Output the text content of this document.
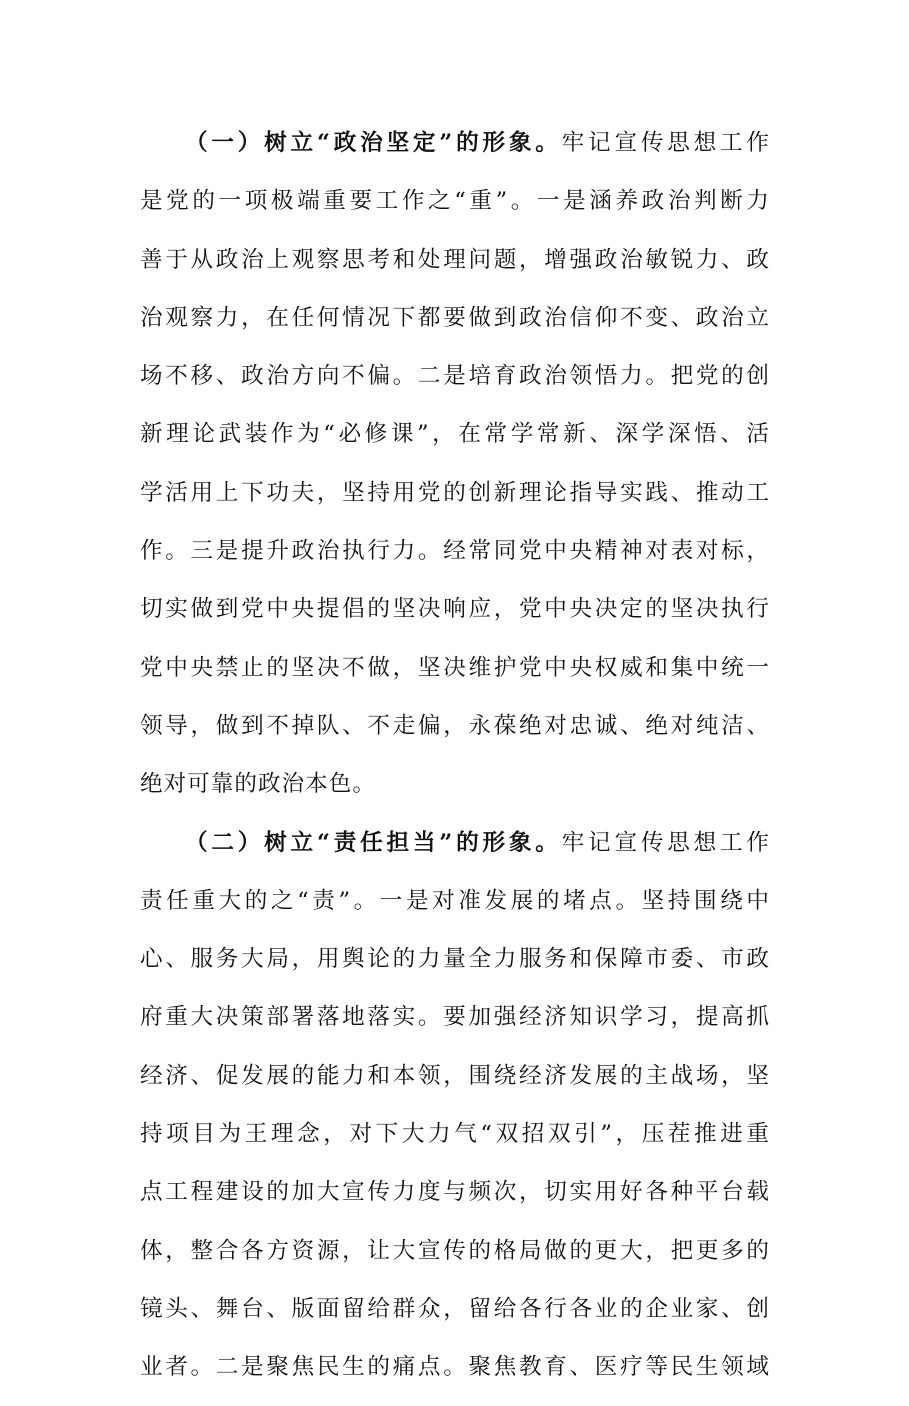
（一）树立“政治坚定”的形象。牢记宣传思想工作
是党的一项极端重要工作之“重”。一是涵养政治判断力
善于从政治上观察思考和处理问题，增强政治敏锐力、政
治观察力，在任何情况下都要做到政治信仰不变、政治立
场不移、政治方向不偏。二是培育政治领悟力。把党的创
新理论武装作为“必修课”，在常学常新、深学深悟、活
学活用上下功夫，坚持用党的创新理论指导实践、推动工
作。三是提升政治执行力。经常同党中央精神对表对标，
切实做到党中央提倡的坚决响应，党中央决定的坚决执行
党中央禁止的坚决不做，坚决维护党中央权威和集中统一
领导，做到不掉队、不走偏，永葆绝对忠诚、绝对纯洁、
绝对可靠的政治本色。
（二）树立“责任担当”的形象。牢记宣传思想工作
责任重大的之“责”。一是对准发展的堵点。坚持围绕中
心、服务大局，用舆论的力量全力服务和保障市委、市政
府重大决策部署落地落实。要加强经济知识学习，提高抓
经济、促发展的能力和本领，围绕经济发展的主战场，坚
持项目为王理念，对下大力气“双招双引”，压茬推进重
点工程建设的加大宣传力度与频次，切实用好各种平台载
体，整合各方资源，让大宣传的格局做的更大，把更多的
镜头、舞台、版面留给群众，留给各行各业的企业家、创
业者。二是聚焦民生的痛点。聚焦教育、医疗等民生领域
